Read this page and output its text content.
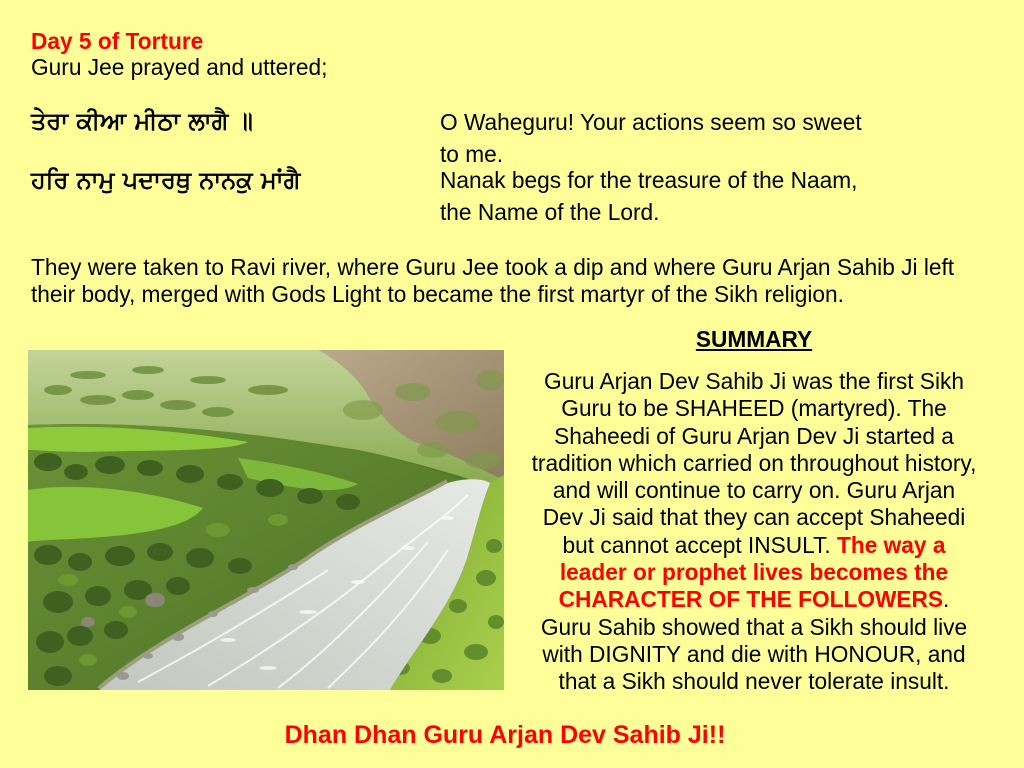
Day 5 of Torture
Guru Jee prayed and uttered;
ਤੇਰਾ ਕੀਆ ਮੀਠਾ ਲਾਗੈ ॥	O Waheguru! Your actions seem so sweet
to me.
ਹਰਿ ਨਾਮੁ ਪਦਾਰਥੁ ਨਾਨਕੁ ਮਾਂਗੈ	Nanak begs for the treasure of the Naam,
the Name of the Lord.
They were taken to Ravi river, where Guru Jee took a dip and where Guru Arjan Sahib Ji left
their body, merged with Gods Light to became the first martyr of the Sikh religion.
SUMMARY
Guru Arjan Dev Sahib Ji was the first Sikh
Guru to be SHAHEED (martyred). The
Shaheedi of Guru Arjan Dev Ji started a
tradition which carried on throughout history,
and will continue to carry on. Guru Arjan
Dev Ji said that they can accept Shaheedi
but cannot accept INSULT. The way a
leader or prophet lives becomes the
CHARACTER OF THE FOLLOWERS.
Guru Sahib showed that a Sikh should live
with DIGNITY and die with HONOUR, and
that a Sikh should never tolerate insult.
Dhan Dhan Guru Arjan Dev Sahib Ji!!
